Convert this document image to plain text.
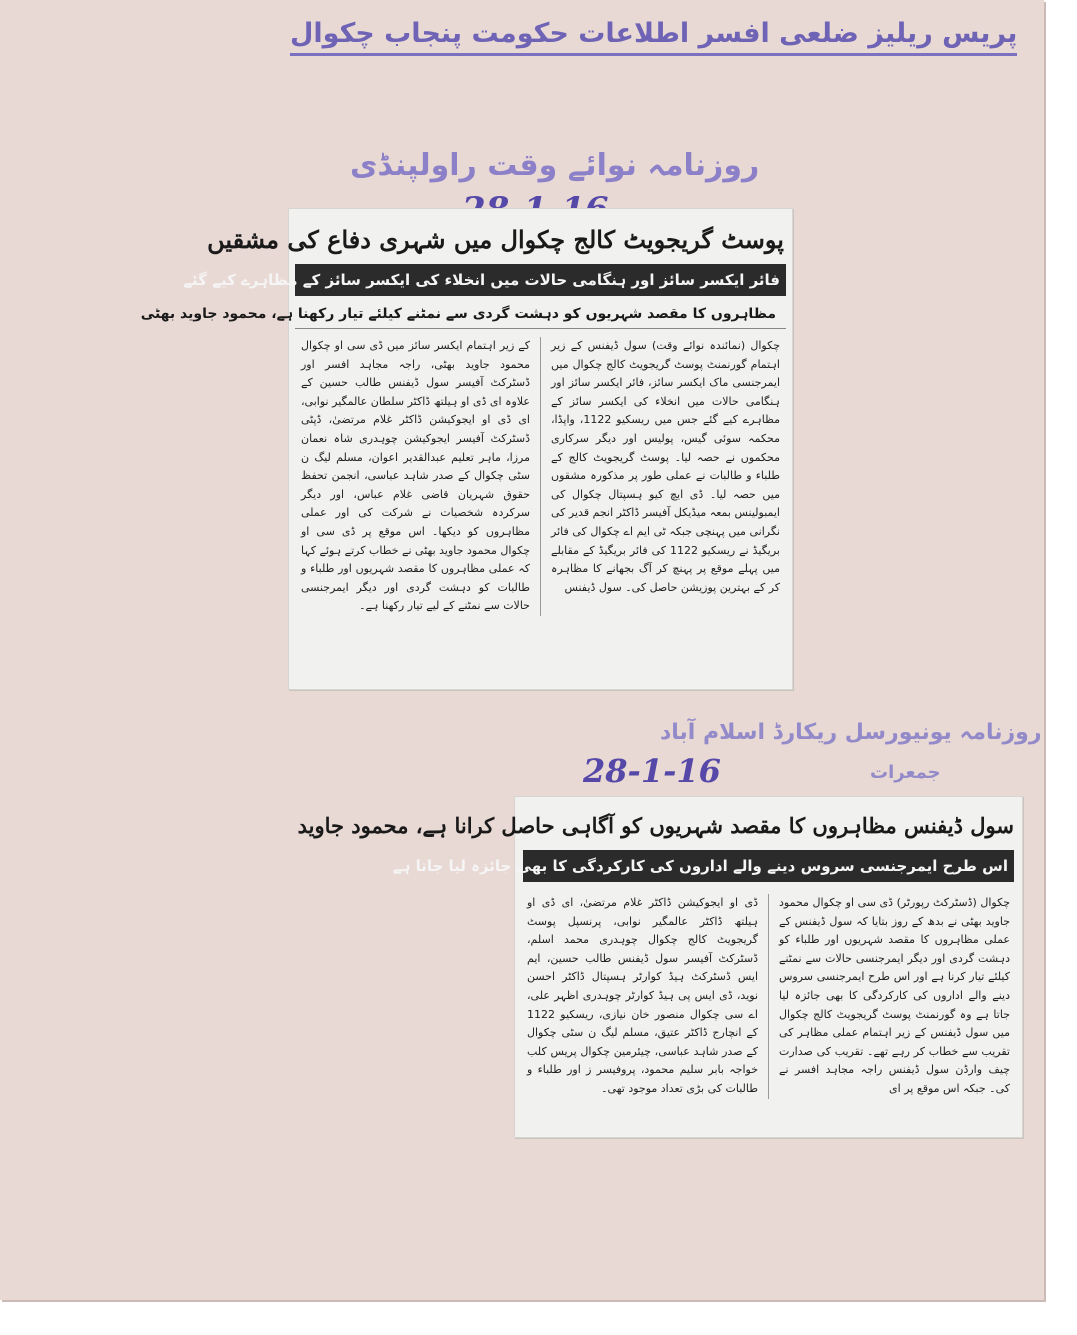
پریس ریلیز ضلعی افسر اطلاعات حکومت پنجاب چکوال
روزنامہ نوائے وقت راولپنڈی
پوسٹ گریجویٹ کالج چکوال میں شہری دفاع کی مشقیں
فائر ایکسر سائز اور ہنگامی حالات میں انخلاء کی ایکسر سائز کے مظاہرے کیے گئے
مظاہروں کا مقصد شہریوں کو دہشت گردی سے نمٹنے کیلئے تیار رکھنا ہے، محمود جاوید بھٹی
چکوال (نمائندہ نوائے وقت) سول ڈیفنس کے زیر اہتمام گورنمنٹ پوسٹ گریجویٹ کالج چکوال میں ایمرجنسی ماک ایکسر سائز، فائر ایکسر سائز اور ہنگامی حالات میں انخلاء کی ایکسر سائز کے مظاہرے کیے گئے جس میں ریسکیو 1122، واپڈا، محکمہ سوئی گیس، پولیس اور دیگر سرکاری محکموں نے حصہ لیا۔ پوسٹ گریجویٹ کالج کے طلباء و طالبات نے عملی طور پر مذکورہ مشقوں میں حصہ لیا۔ ڈی ایچ کیو ہسپتال چکوال کی ایمبولینس بمعہ میڈیکل آفیسر ڈاکٹر انجم قدیر کی نگرانی میں پہنچی جبکہ ٹی ایم اے چکوال کی فائر بریگیڈ نے ریسکیو 1122 کی فائر بریگیڈ کے مقابلے میں پہلے موقع پر پہنچ کر آگ بجھانے کا مظاہرہ کر کے بہترین پوزیشن حاصل کی۔ سول ڈیفنس
کے زیر اہتمام ایکسر سائز میں ڈی سی او چکوال محمود جاوید بھٹی، راجہ مجاہد افسر اور ڈسٹرکٹ آفیسر سول ڈیفنس طالب حسین کے علاوہ ای ڈی او ہیلتھ ڈاکٹر سلطان عالمگیر نوابی، ای ڈی او ایجوکیشن ڈاکٹر غلام مرتضیٰ، ڈپٹی ڈسٹرکٹ آفیسر ایجوکیشن چوہدری شاہ نعمان مرزا، ماہر تعلیم عبدالقدیر اعوان، مسلم لیگ ن سٹی چکوال کے صدر شاہد عباسی، انجمن تحفظ حقوق شہریان قاضی غلام عباس، اور دیگر سرکردہ شخصیات نے شرکت کی اور عملی مظاہروں کو دیکھا۔ اس موقع پر ڈی سی او چکوال محمود جاوید بھٹی نے خطاب کرتے ہوئے کہا کہ عملی مظاہروں کا مقصد شہریوں اور طلباء و طالبات کو دہشت گردی اور دیگر ایمرجنسی حالات سے نمٹنے کے لیے تیار رکھنا ہے۔
روزنامہ یونیورسل ریکارڈ اسلام آباد
جمعرات
28-1-16
سول ڈیفنس مظاہروں کا مقصد شہریوں کو آگاہی حاصل کرانا ہے، محمود جاوید
اس طرح ایمرجنسی سروس دینے والے اداروں کی کارکردگی کا بھی جائزہ لیا جاتا ہے
چکوال (ڈسٹرکٹ رپورٹر) ڈی سی او چکوال محمود جاوید بھٹی نے بدھ کے روز بتایا کہ سول ڈیفنس کے عملی مظاہروں کا مقصد شہریوں اور طلباء کو دہشت گردی اور دیگر ایمرجنسی حالات سے نمٹنے کیلئے تیار کرنا ہے اور اس طرح ایمرجنسی سروس دینے والے اداروں کی کارکردگی کا بھی جائزہ لیا جاتا ہے وہ گورنمنٹ پوسٹ گریجویٹ کالج چکوال میں سول ڈیفنس کے زیر اہتمام عملی مظاہر کی تقریب سے خطاب کر رہے تھے۔ تقریب کی صدارت چیف وارڈن سول ڈیفنس راجہ مجاہد افسر نے کی۔ جبکہ اس موقع پر ای
ڈی او ایجوکیشن ڈاکٹر غلام مرتضیٰ، ای ڈی او ہیلتھ ڈاکٹر عالمگیر نوابی، پرنسپل پوسٹ گریجویٹ کالج چکوال چوہدری محمد اسلم، ڈسٹرکٹ آفیسر سول ڈیفنس طالب حسین، ایم ایس ڈسٹرکٹ ہیڈ کوارٹر ہسپتال ڈاکٹر احسن نوید، ڈی ایس پی ہیڈ کوارٹر چوہدری اظہر علی، اے سی چکوال منصور خان نیازی، ریسکیو 1122 کے انچارج ڈاکٹر عتیق، مسلم لیگ ن سٹی چکوال کے صدر شاہد عباسی، چیئرمین چکوال پریس کلب خواجہ بابر سلیم محمود، پروفیسر ز اور طلباء و طالبات کی بڑی تعداد موجود تھی۔
